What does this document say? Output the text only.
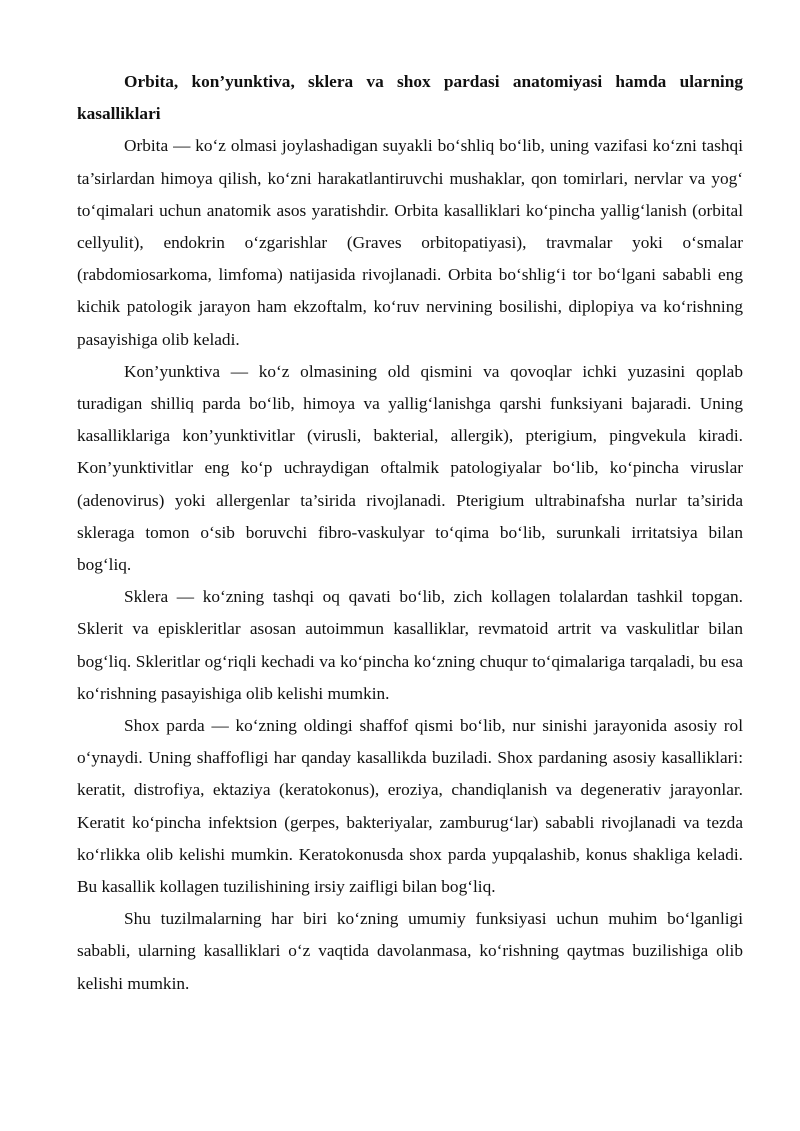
Orbita, kon’yunktiva, sklera va shox pardasi anatomiyasi hamda ularning kasalliklari

Orbita — ko‘z olmasi joylashadigan suyakli bo‘shliq bo‘lib, uning vazifasi ko‘zni tashqi ta’sirlardan himoya qilish, ko‘zni harakatlantiruvchi mushaklar, qon tomirlari, nervlar va yog‘ to‘qimalari uchun anatomik asos yaratishdir. Orbita kasalliklari ko‘pincha yallig‘lanish (orbital cellyulit), endokrin o‘zgarishlar (Graves orbitopatiyasi), travmalar yoki o‘smalar (rabdomiosarkoma, limfoma) natijasida rivojlanadi. Orbita bo‘shlig‘i tor bo‘lgani sababli eng kichik patologik jarayon ham ekzoftalm, ko‘ruv nervining bosilishi, diplopiya va ko‘rishning pasayishiga olib keladi.

Kon’yunktiva — ko‘z olmasining old qismini va qovoqlar ichki yuzasini qoplab turadigan shilliq parda bo‘lib, himoya va yallig‘lanishga qarshi funksiyani bajaradi. Uning kasalliklariga kon’yunktivitlar (virusli, bakterial, allergik), pterigium, pingvekula kiradi. Kon’yunktivitlar eng ko‘p uchraydigan oftalmik patologiyalar bo‘lib, ko‘pincha viruslar (adenovirus) yoki allergenlar ta’sirida rivojlanadi. Pterigium ultrabinafsha nurlar ta’sirida skleraga tomon o‘sib boruvchi fibro-vaskulyar to‘qima bo‘lib, surunkali irritatsiya bilan bog‘liq.

Sklera — ko‘zning tashqi oq qavati bo‘lib, zich kollagen tolalardan tashkil topgan. Sklerit va episkleritlar asosan autoimmun kasalliklar, revmatoid artrit va vaskulitlar bilan bog‘liq. Skleritlar og‘riqli kechadi va ko‘pincha ko‘zning chuqur to‘qimalariga tarqaladi, bu esa ko‘rishning pasayishiga olib kelishi mumkin.

Shox parda — ko‘zning oldingi shaffof qismi bo‘lib, nur sinishi jarayonida asosiy rol o‘ynaydi. Uning shaffofligi har qanday kasallikda buziladi. Shox pardaning asosiy kasalliklari: keratit, distrofiya, ektaziya (keratokonus), eroziya, chandiqlanish va degenerativ jarayonlar. Keratit ko‘pincha infektsion (gerpes, bakteriyalar, zamburug‘lar) sababli rivojlanadi va tezda ko‘rlikka olib kelishi mumkin. Keratokonusda shox parda yupqalashib, konus shakliga keladi. Bu kasallik kollagen tuzilishining irsiy zaifligi bilan bog‘liq.

Shu tuzilmalarning har biri ko‘zning umumiy funksiyasi uchun muhim bo‘lganligi sababli, ularning kasalliklari o‘z vaqtida davolanmasa, ko‘rishning qaytmas buzilishiga olib kelishi mumkin.
